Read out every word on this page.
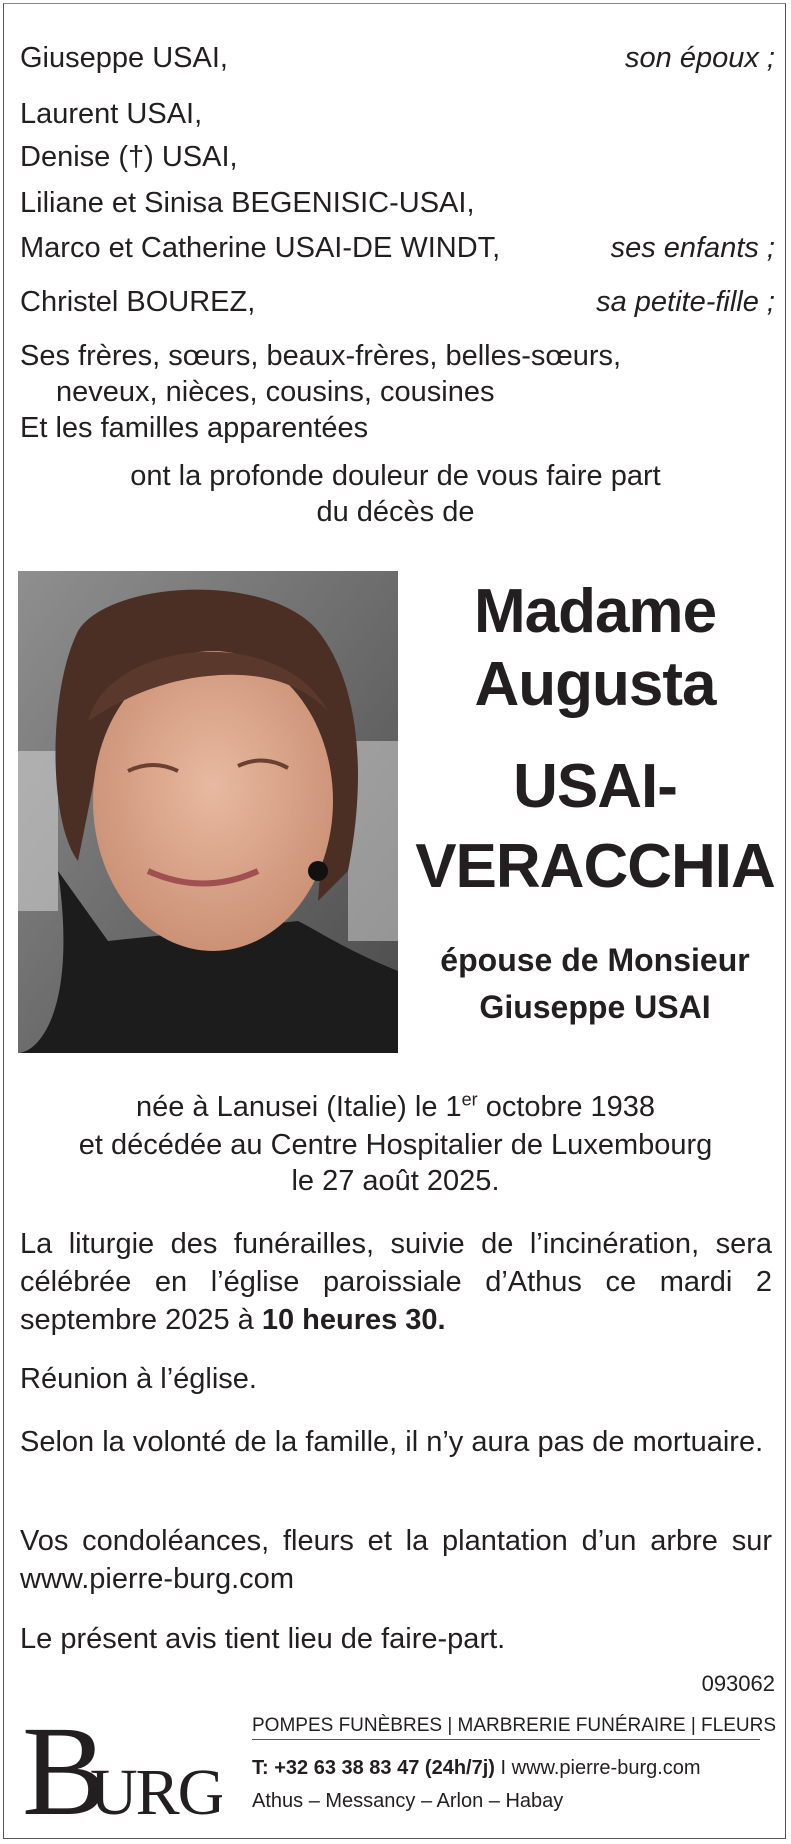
Giuseppe USAI,	son époux ;
Laurent USAI,
Denise (†) USAI,
Liliane et Sinisa BEGENISIC-USAI,
Marco et Catherine USAI-DE WINDT,	ses enfants ;
Christel BOUREZ,	sa petite-fille ;
Ses frères, sœurs, beaux-frères, belles-sœurs,
neveux, nièces, cousins, cousines
Et les familles apparentées
ont la profonde douleur de vous faire part
du décès de
Madame
Augusta
USAI-
VERACCHIA
épouse de Monsieur
Giuseppe USAI
née à Lanusei (Italie) le 1er octobre 1938
et décédée au Centre Hospitalier de Luxembourg
le 27 août 2025.
La liturgie des funérailles, suivie de l’incinération, sera célébrée en l’église paroissiale d’Athus ce mardi 2 septembre 2025 à 10 heures 30.
Réunion à l’église.
Selon la volonté de la famille, il n’y aura pas de mortuaire.
Vos condoléances, fleurs et la plantation d’un arbre sur www.pierre-burg.com
Le présent avis tient lieu de faire-part.
093062
B
URG
POMPES FUNÈBRES | MARBRERIE FUNÉRAIRE | FLEURS
T: +32 63 38 83 47 (24h/7j) I www.pierre-burg.com
Athus – Messancy – Arlon – Habay
